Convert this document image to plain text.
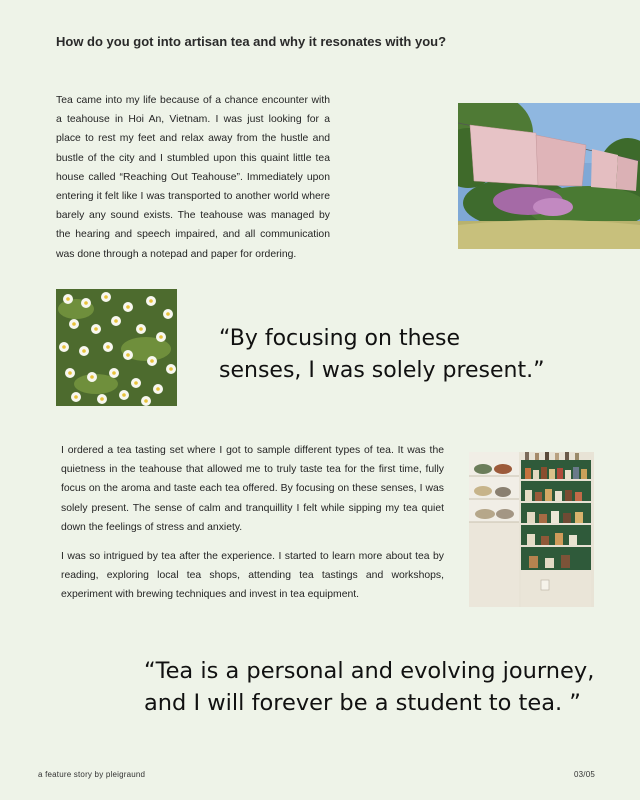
How do you got into artisan tea and why it resonates with you?

Tea came into my life because of a chance encounter with a teahouse in Hoi An, Vietnam. I was just looking for a place to rest my feet and relax away from the hustle and bustle of the city and I stumbled upon this quaint little tea house called “Reaching Out Teahouse”. Immediately upon entering it felt like I was transported to another world where barely any sound exists. The teahouse was managed by the hearing and speech impaired, and all communication was done through a notepad and paper for ordering.

“By focusing on these
senses, I was solely present.”

I ordered a tea tasting set where I got to sample different types of tea. It was the quietness in the teahouse that allowed me to truly taste tea for the first time, fully focus on the aroma and taste each tea offered. By focusing on these senses, I was solely present. The sense of calm and tranquillity I felt while sipping my tea quiet down the feelings of stress and anxiety.

I was so intrigued by tea after the experience. I started to learn more about tea by reading, exploring local tea shops, attending tea tastings and workshops, experiment with brewing techniques and invest in tea equipment.

“Tea is a personal and evolving journey,
and I will forever be a student to tea. ”
a feature story by pleigraund	03/05
